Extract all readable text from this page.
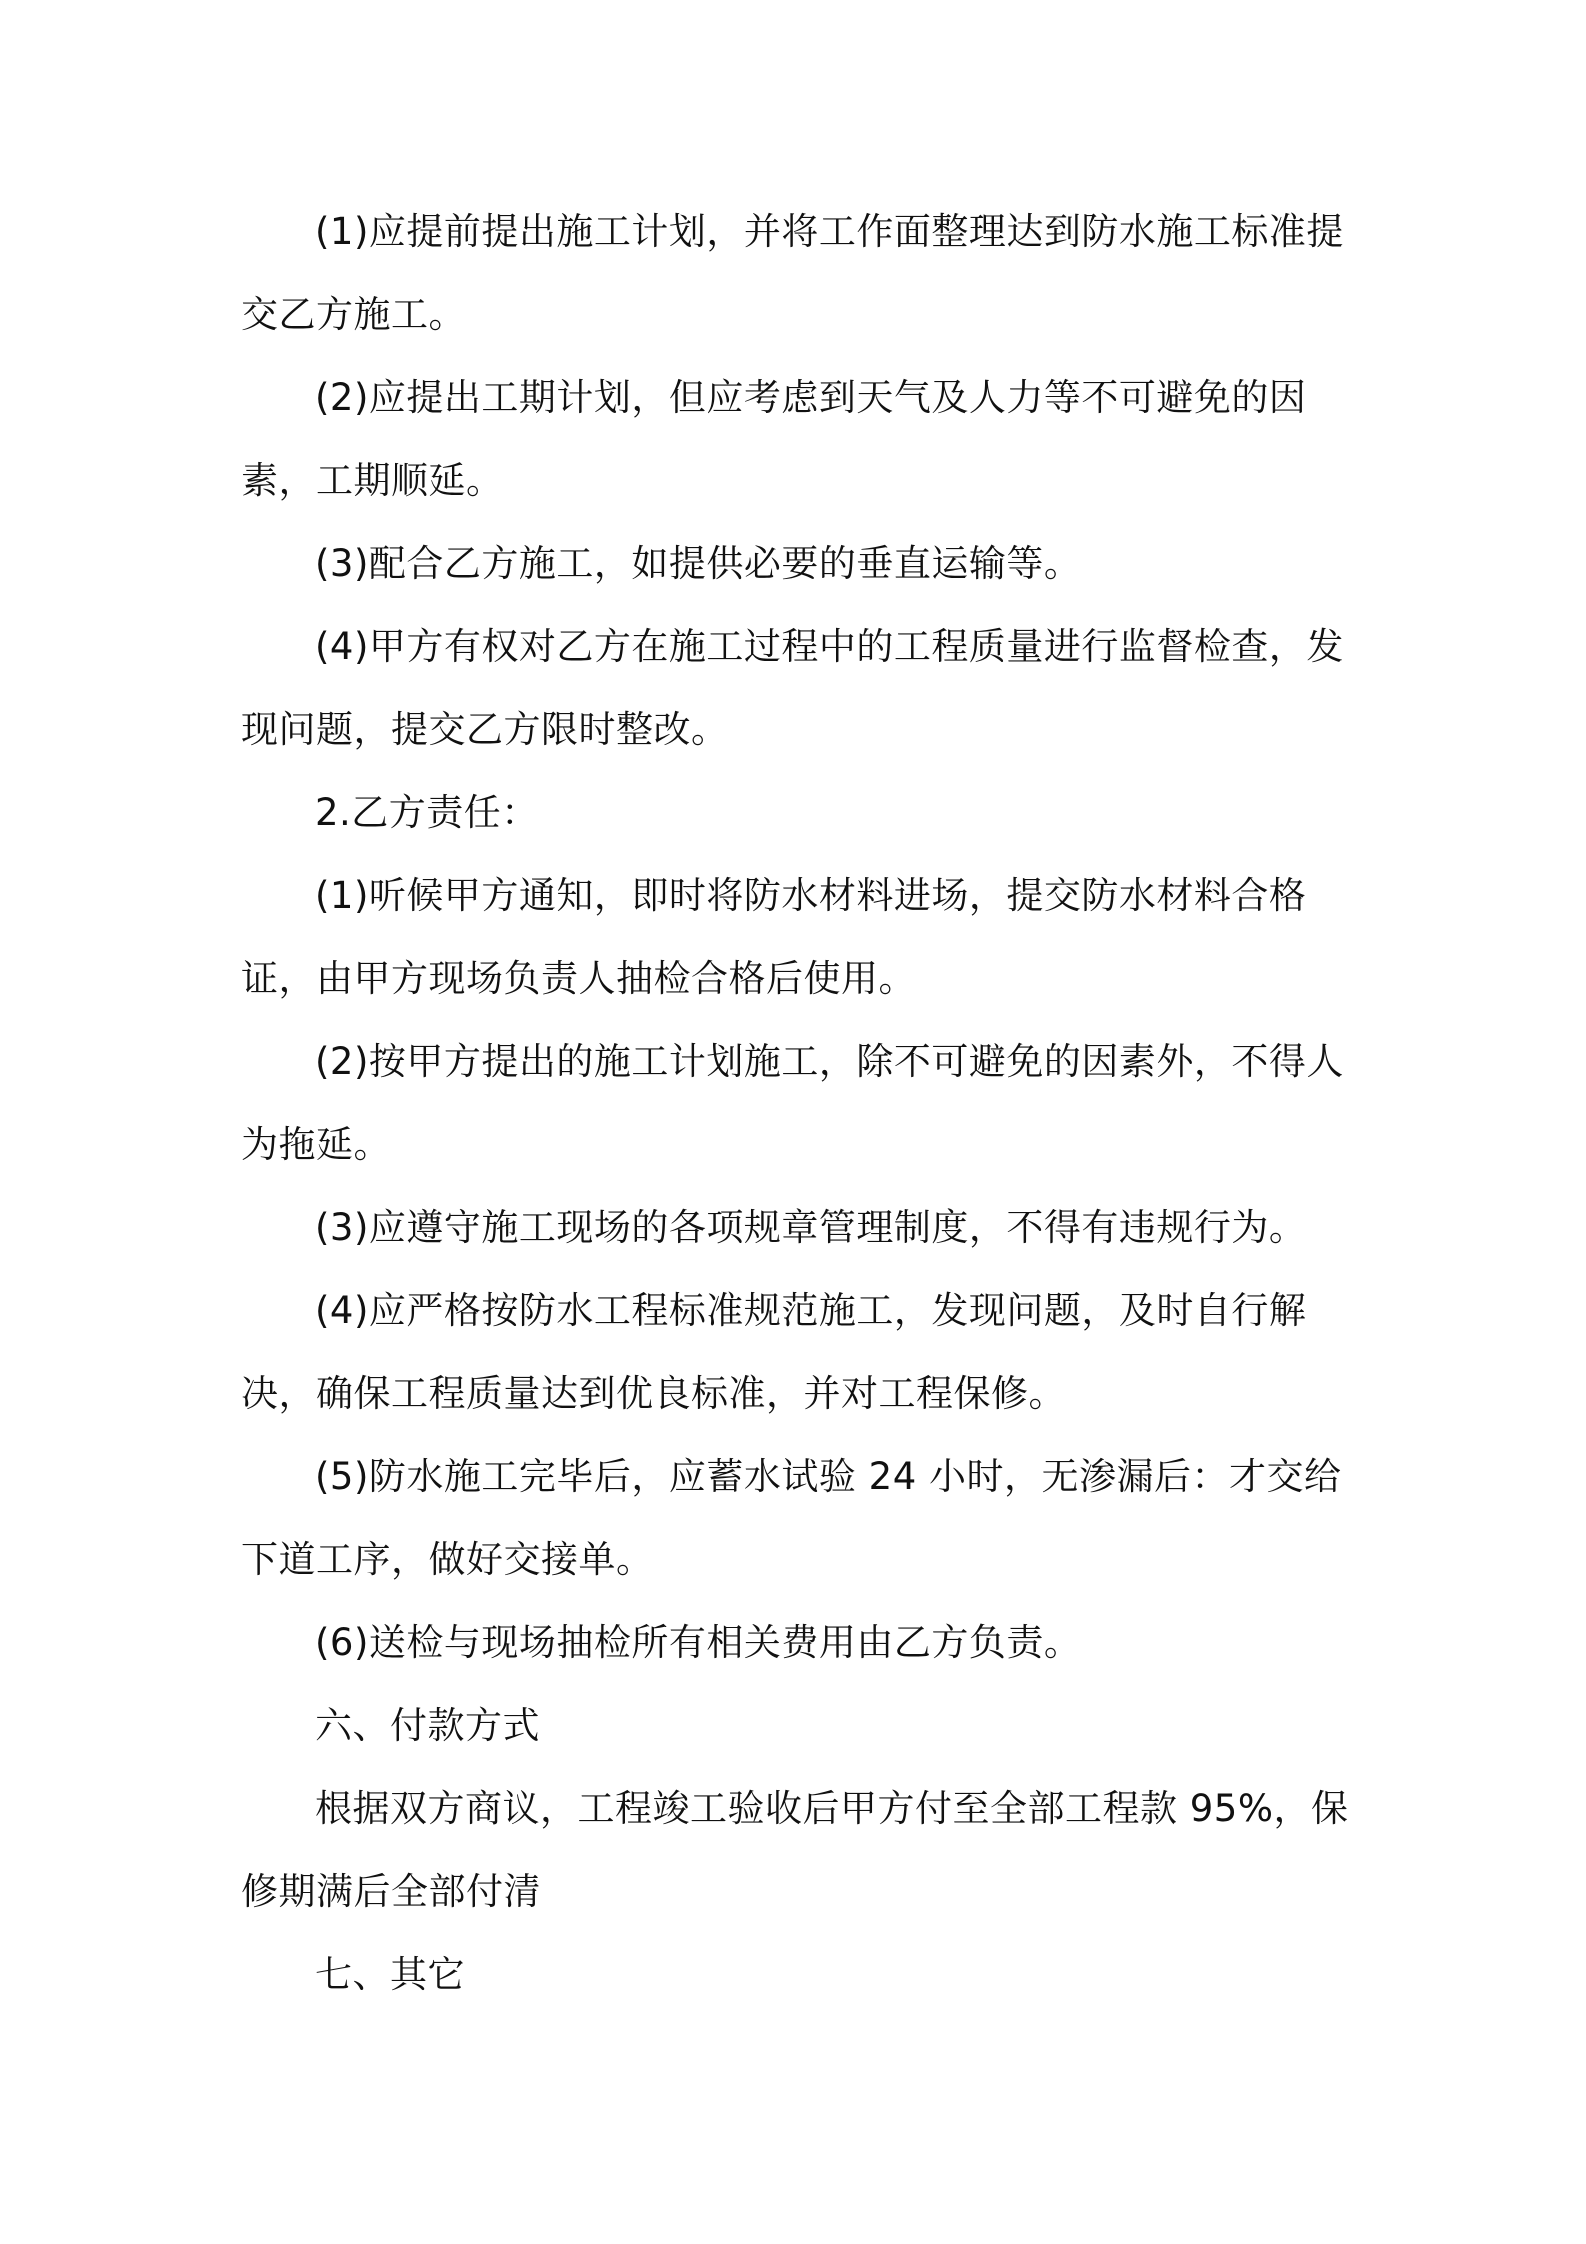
(1)应提前提出施工计划，并将工作面整理达到防水施工标准提交乙方施工。

(2)应提出工期计划，但应考虑到天气及人力等不可避免的因素，工期顺延。

(3)配合乙方施工，如提供必要的垂直运输等。

(4)甲方有权对乙方在施工过程中的工程质量进行监督检查，发现问题，提交乙方限时整改。

2.乙方责任：

(1)听候甲方通知，即时将防水材料进场，提交防水材料合格证，由甲方现场负责人抽检合格后使用。

(2)按甲方提出的施工计划施工，除不可避免的因素外，不得人为拖延。

(3)应遵守施工现场的各项规章管理制度，不得有违规行为。

(4)应严格按防水工程标准规范施工，发现问题，及时自行解决，确保工程质量达到优良标准，并对工程保修。

(5)防水施工完毕后，应蓄水试验 24 小时，无渗漏后：才交给下道工序，做好交接单。

(6)送检与现场抽检所有相关费用由乙方负责。

六、付款方式

根据双方商议，工程竣工验收后甲方付至全部工程款 95%，保修期满后全部付清

七、其它
